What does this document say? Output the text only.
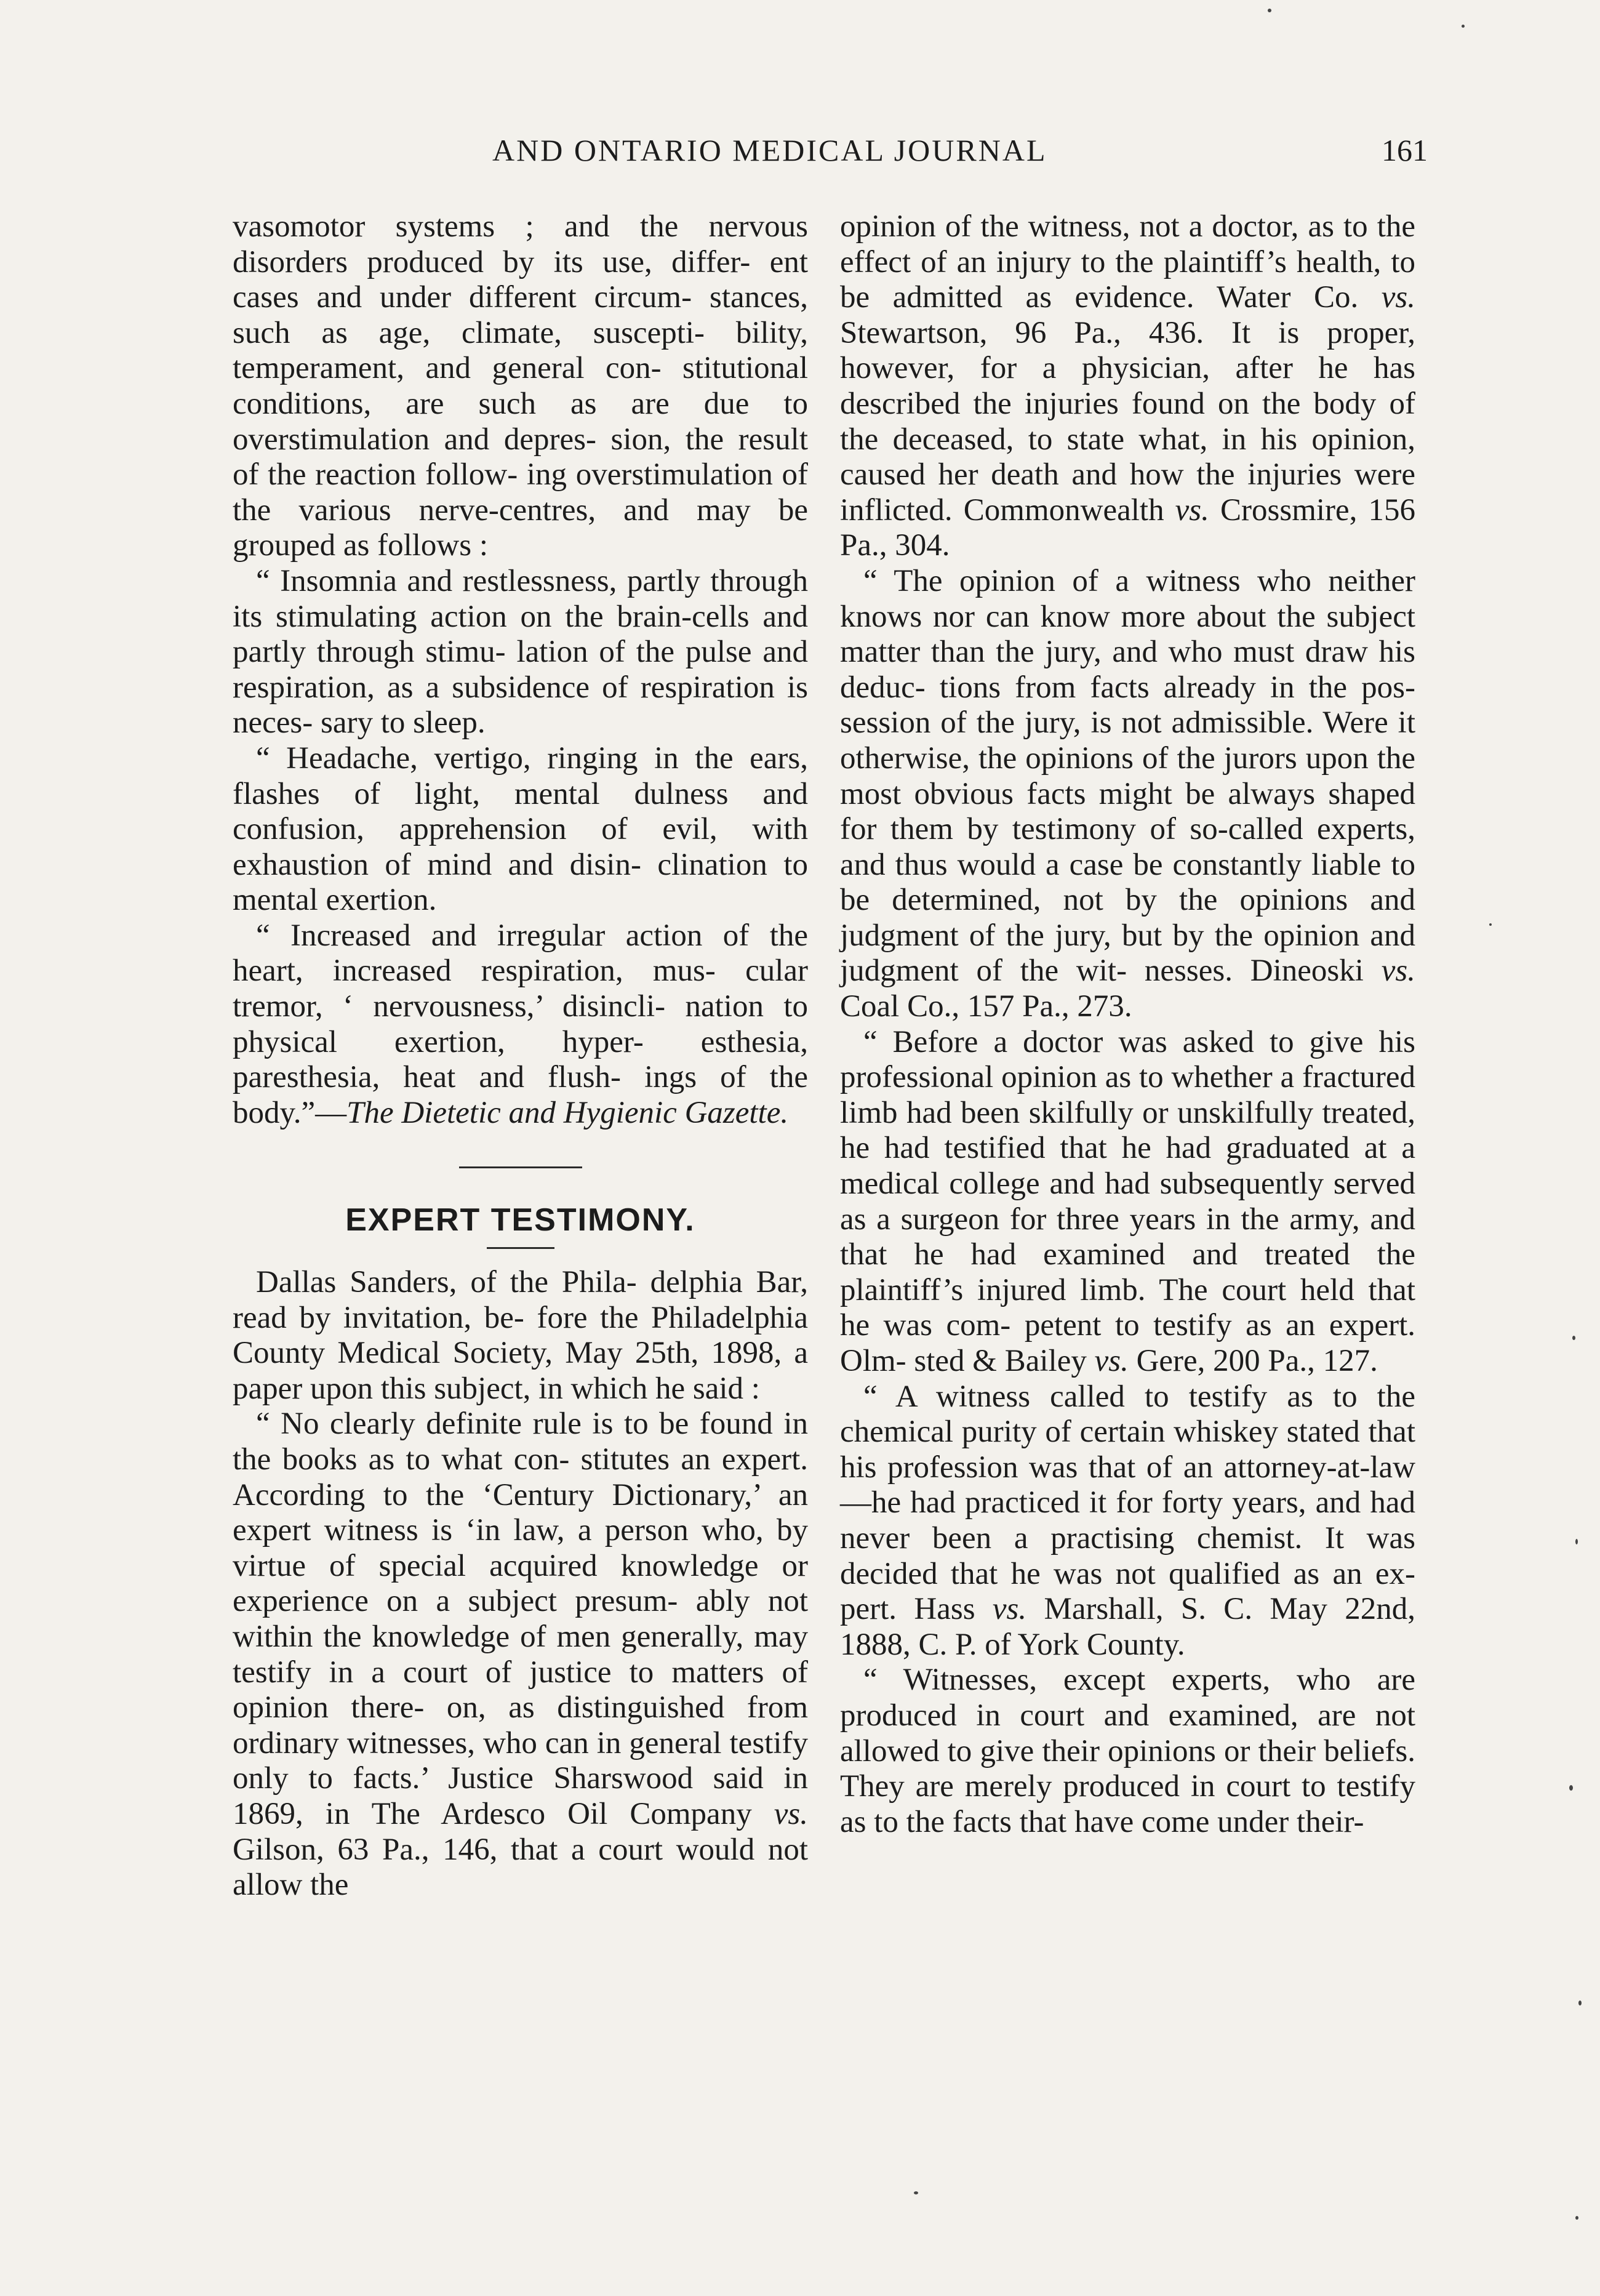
AND ONTARIO MEDICAL JOURNAL	161

vasomotor systems ; and the nervous disorders produced by its use, differ- ent cases and under different circum- stances, such as age, climate, suscepti- bility, temperament, and general con- stitutional conditions, are such as are due to overstimulation and depres- sion, the result of the reaction follow- ing overstimulation of the various nerve-centres, and may be grouped as follows :

“ Insomnia and restlessness, partly through its stimulating action on the brain-cells and partly through stimu- lation of the pulse and respiration, as a subsidence of respiration is neces- sary to sleep.

“ Headache, vertigo, ringing in the ears, flashes of light, mental dulness and confusion, apprehension of evil, with exhaustion of mind and disin- clination to mental exertion.

“ Increased and irregular action of the heart, increased respiration, mus- cular tremor, ‘ nervousness,’ disincli- nation to physical exertion, hyper- esthesia, paresthesia, heat and flush- ings of the body.”—The Dietetic and Hygienic Gazette.

EXPERT TESTIMONY.

Dallas Sanders, of the Phila- delphia Bar, read by invitation, be- fore the Philadelphia County Medical Society, May 25th, 1898, a paper upon this subject, in which he said :

“ No clearly definite rule is to be found in the books as to what con- stitutes an expert. According to the ‘Century Dictionary,’ an expert witness is ‘in law, a person who, by virtue of special acquired knowledge or experience on a subject presum- ably not within the knowledge of men generally, may testify in a court of justice to matters of opinion there- on, as distinguished from ordinary witnesses, who can in general testify only to facts.’ Justice Sharswood said in 1869, in The Ardesco Oil Company vs. Gilson, 63 Pa., 146, that a court would not allow the

opinion of the witness, not a doctor, as to the effect of an injury to the plaintiff’s health, to be admitted as evidence. Water Co. vs. Stewartson, 96 Pa., 436. It is proper, however, for a physician, after he has described the injuries found on the body of the deceased, to state what, in his opinion, caused her death and how the injuries were inflicted. Commonwealth vs. Crossmire, 156 Pa., 304.

“ The opinion of a witness who neither knows nor can know more about the subject matter than the jury, and who must draw his deduc- tions from facts already in the pos- session of the jury, is not admissible. Were it otherwise, the opinions of the jurors upon the most obvious facts might be always shaped for them by testimony of so-called experts, and thus would a case be constantly liable to be determined, not by the opinions and judgment of the jury, but by the opinion and judgment of the wit- nesses. Dineoski vs. Coal Co., 157 Pa., 273.

“ Before a doctor was asked to give his professional opinion as to whether a fractured limb had been skilfully or unskilfully treated, he had testified that he had graduated at a medical college and had subsequently served as a surgeon for three years in the army, and that he had examined and treated the plaintiff’s injured limb. The court held that he was com- petent to testify as an expert. Olm- sted & Bailey vs. Gere, 200 Pa., 127.

“ A witness called to testify as to the chemical purity of certain whiskey stated that his profession was that of an attorney-at-law—he had practiced it for forty years, and had never been a practising chemist. It was decided that he was not qualified as an ex- pert. Hass vs. Marshall, S. C. May 22nd, 1888, C. P. of York County.

“ Witnesses, except experts, who are produced in court and examined, are not allowed to give their opinions or their beliefs. They are merely produced in court to testify as to the facts that have come under their-
